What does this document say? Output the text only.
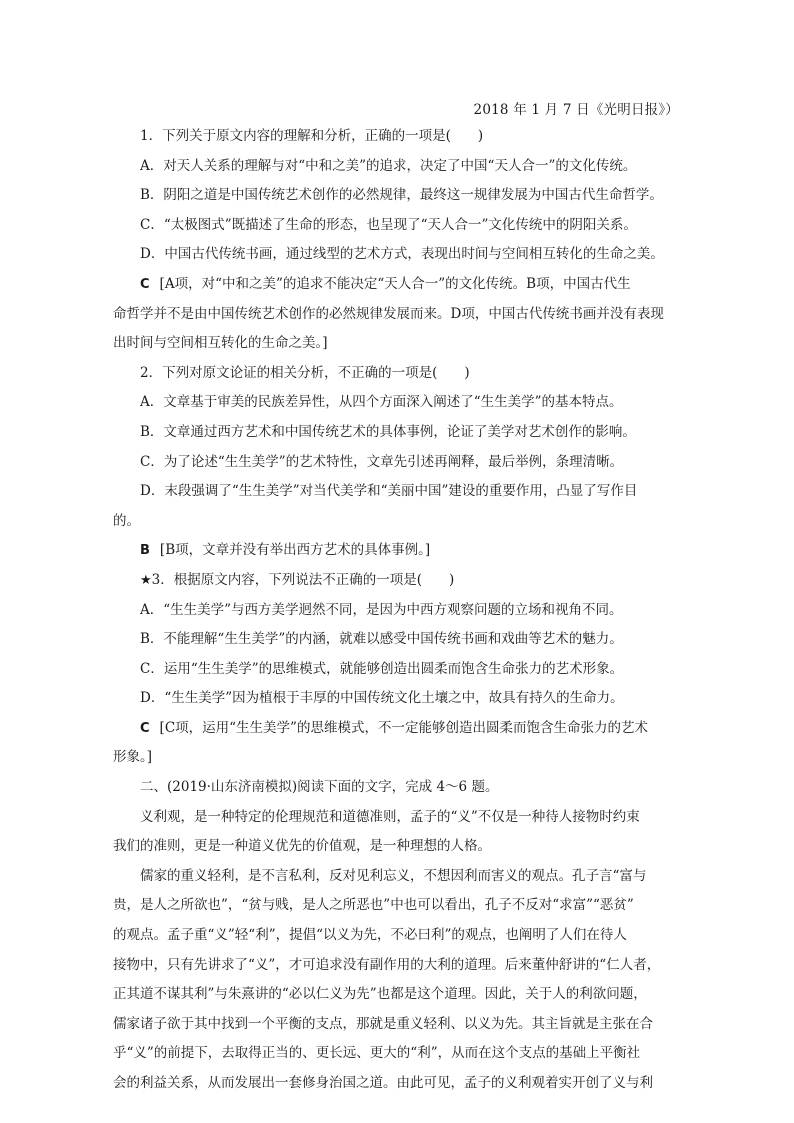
2018 年 1 月 7 日《光明日报》）
1．下列关于原文内容的理解和分析，正确的一项是(　　)
A．对天人关系的理解与对“中和之美”的追求，决定了中国“天人合一”的文化传统。
B．阴阳之道是中国传统艺术创作的必然规律，最终这一规律发展为中国古代生命哲学。
C．“太极图式”既描述了生命的形态，也呈现了“天人合一”文化传统中的阴阳关系。
D．中国古代传统书画，通过线型的艺术方式，表现出时间与空间相互转化的生命之美。
C [A项，对“中和之美”的追求不能决定“天人合一”的文化传统。B项，中国古代生
命哲学并不是由中国传统艺术创作的必然规律发展而来。D项，中国古代传统书画并没有表现
出时间与空间相互转化的生命之美。]
2．下列对原文论证的相关分析，不正确的一项是(　　)
A．文章基于审美的民族差异性，从四个方面深入阐述了“生生美学”的基本特点。
B．文章通过西方艺术和中国传统艺术的具体事例，论证了美学对艺术创作的影响。
C．为了论述“生生美学”的艺术特性，文章先引述再阐释，最后举例，条理清晰。
D．末段强调了“生生美学”对当代美学和“美丽中国”建设的重要作用，凸显了写作目
的。
B [B项，文章并没有举出西方艺术的具体事例。]
★3．根据原文内容，下列说法不正确的一项是(　　)
A．“生生美学”与西方美学迥然不同，是因为中西方观察问题的立场和视角不同。
B．不能理解“生生美学”的内涵，就难以感受中国传统书画和戏曲等艺术的魅力。
C．运用“生生美学”的思维模式，就能够创造出圆柔而饱含生命张力的艺术形象。
D．“生生美学”因为植根于丰厚的中国传统文化土壤之中，故具有持久的生命力。
C [C项，运用“生生美学”的思维模式，不一定能够创造出圆柔而饱含生命张力的艺术
形象。]
二、(2019·山东济南模拟)阅读下面的文字，完成 4～6 题。
义利观，是一种特定的伦理规范和道德准则，孟子的“义”不仅是一种待人接物时约束
我们的准则，更是一种道义优先的价值观，是一种理想的人格。
儒家的重义轻利，是不言私利，反对见利忘义，不想因利而害义的观点。孔子言“富与
贵，是人之所欲也”，“贫与贱，是人之所恶也”中也可以看出，孔子不反对“求富”“恶贫”
的观点。孟子重“义”轻“利”，提倡“以义为先，不必曰利”的观点，也阐明了人们在待人
接物中，只有先讲求了“义”，才可追求没有副作用的大利的道理。后来董仲舒讲的“仁人者，
正其道不谋其利”与朱熹讲的“必以仁义为先”也都是这个道理。因此，关于人的利欲问题，
儒家诸子欲于其中找到一个平衡的支点，那就是重义轻利、以义为先。其主旨就是主张在合
乎“义”的前提下，去取得正当的、更长远、更大的“利”，从而在这个支点的基础上平衡社
会的利益关系，从而发展出一套修身治国之道。由此可见，孟子的义利观着实开创了义与利
